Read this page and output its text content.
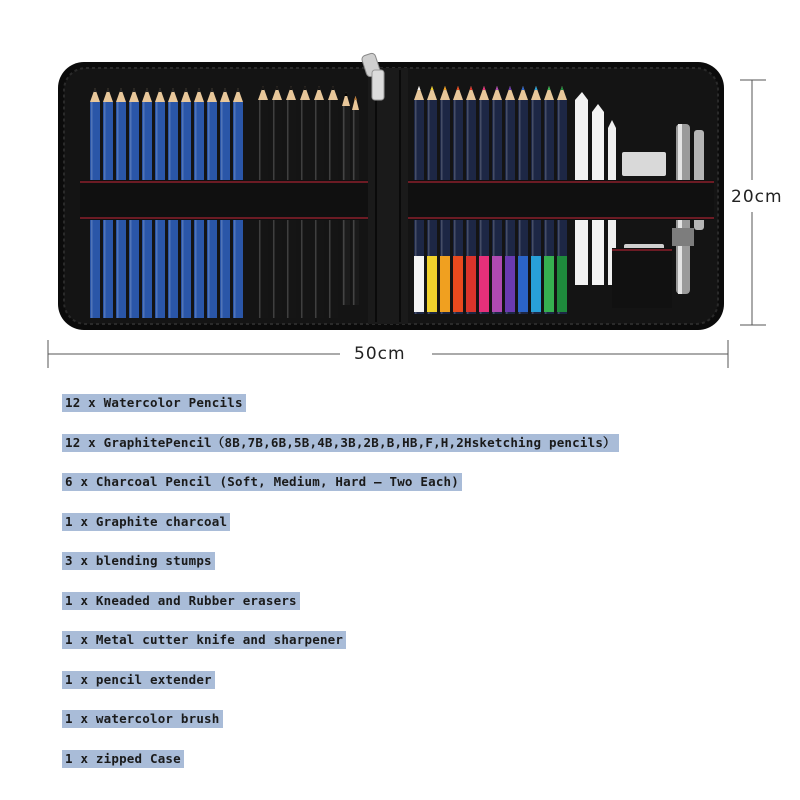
50cm
20cm
12 x Watercolor Pencils
12 x GraphitePencil（8B,7B,6B,5B,4B,3B,2B,B,HB,F,H,2Hsketching pencils）
6 x Charcoal Pencil (Soft, Medium, Hard – Two Each)
1 x Graphite charcoal
3 x blending stumps
1 x Kneaded and Rubber erasers
1 x Metal cutter knife and sharpener
1 x pencil extender
1 x watercolor brush
1 x zipped Case
